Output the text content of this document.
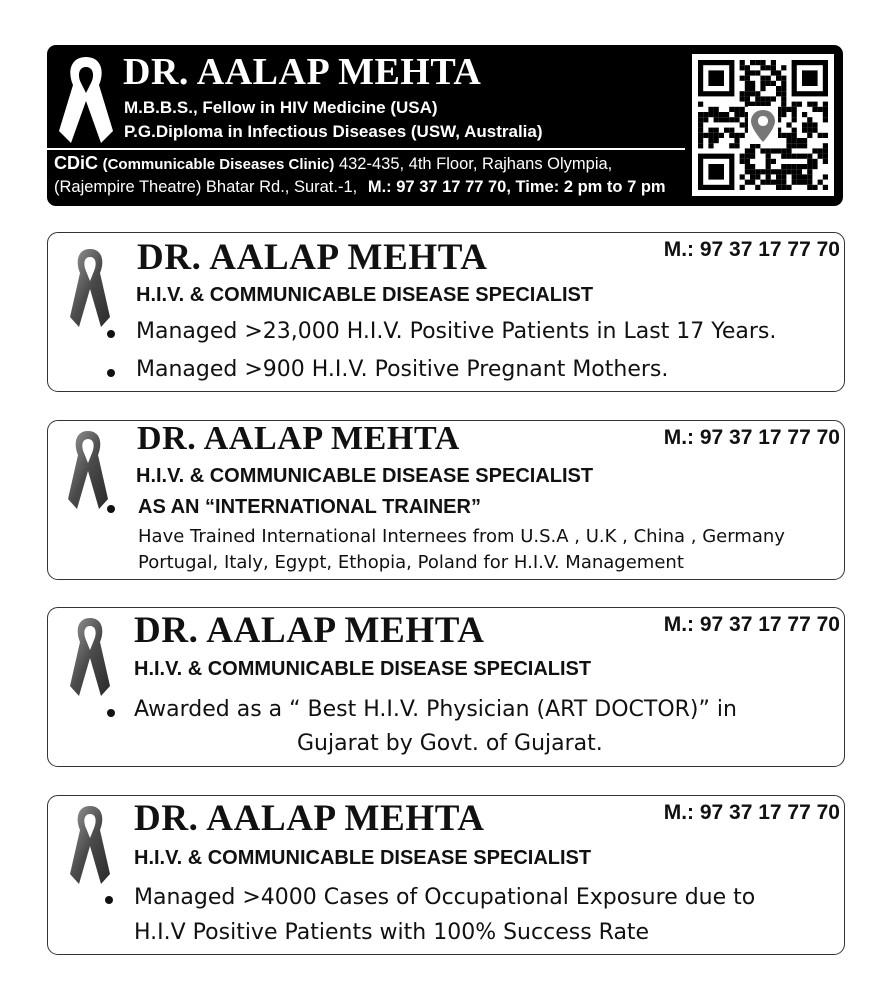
DR. AALAP MEHTA
M.B.B.S., Fellow in HIV Medicine (USA)
P.G.Diploma in Infectious Diseases (USW, Australia)
CDiC (Communicable Diseases Clinic) 432-435, 4th Floor, Rajhans Olympia,
(Rajempire Theatre) Bhatar Rd., Surat.-1, M.: 97 37 17 77 70, Time: 2 pm to 7 pm
DR. AALAP MEHTA	M.: 97 37 17 77 70
H.I.V. & COMMUNICABLE DISEASE SPECIALIST
Managed >23,000 H.I.V. Positive Patients in Last 17 Years.
Managed >900 H.I.V. Positive Pregnant Mothers.
DR. AALAP MEHTA	M.: 97 37 17 77 70
H.I.V. & COMMUNICABLE DISEASE SPECIALIST
AS AN “INTERNATIONAL TRAINER”
Have Trained International Internees from U.S.A , U.K , China , Germany
Portugal, Italy, Egypt, Ethopia, Poland for H.I.V. Management
DR. AALAP MEHTA	M.: 97 37 17 77 70
H.I.V. & COMMUNICABLE DISEASE SPECIALIST
Awarded as a “ Best H.I.V. Physician (ART DOCTOR)” in
Gujarat by Govt. of Gujarat.
DR. AALAP MEHTA	M.: 97 37 17 77 70
H.I.V. & COMMUNICABLE DISEASE SPECIALIST
Managed >4000 Cases of Occupational Exposure due to
H.I.V Positive Patients with 100% Success Rate
